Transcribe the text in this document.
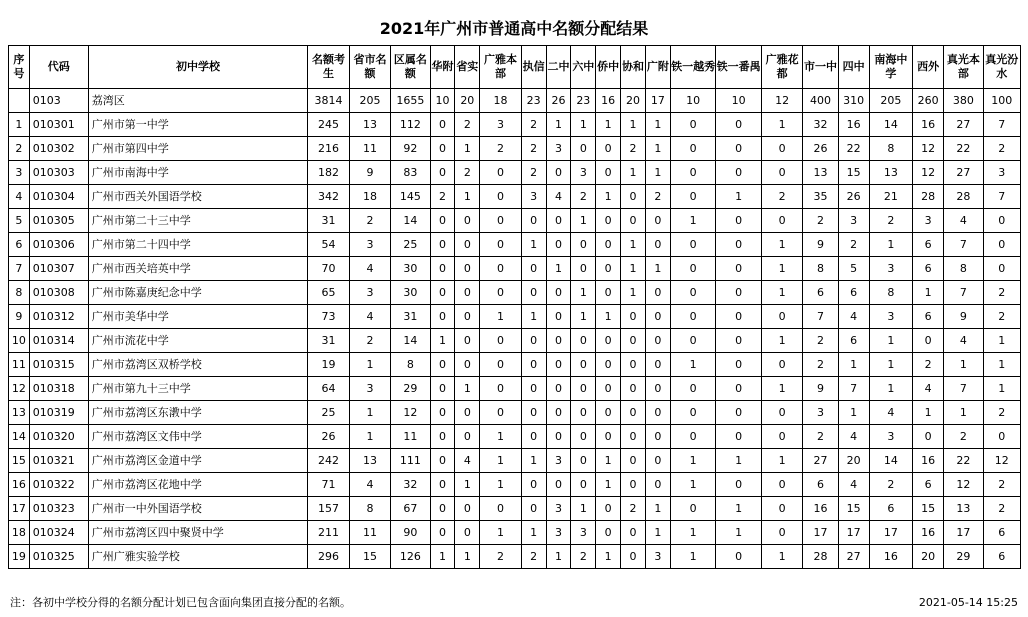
2021年广州市普通高中名额分配结果
序号	代码	初中学校	名额考生	省市名额	区属名额	华附	省实	广雅本部	执信	二中	六中	侨中	协和	广附	铁一越秀	铁一番禺	广雅花都	市一中	四中	南海中学	西外	真光本部	真光汾水
	0103	荔湾区	3814	205	1655	10	20	18	23	26	23	16	20	17	10	10	12	400	310	205	260	380	100
1	010301	广州市第一中学	245	13	112	0	2	3	2	1	1	1	1	1	0	0	1	32	16	14	16	27	7
2	010302	广州市第四中学	216	11	92	0	1	2	2	3	0	0	2	1	0	0	0	26	22	8	12	22	2
3	010303	广州市南海中学	182	9	83	0	2	0	2	0	3	0	1	1	0	0	0	13	15	13	12	27	3
4	010304	广州市西关外国语学校	342	18	145	2	1	0	3	4	2	1	0	2	0	1	2	35	26	21	28	28	7
5	010305	广州市第二十三中学	31	2	14	0	0	0	0	0	1	0	0	0	1	0	0	2	3	2	3	4	0
6	010306	广州市第二十四中学	54	3	25	0	0	0	1	0	0	0	1	0	0	0	1	9	2	1	6	7	0
7	010307	广州市西关培英中学	70	4	30	0	0	0	0	1	0	0	1	1	0	0	1	8	5	3	6	8	0
8	010308	广州市陈嘉庚纪念中学	65	3	30	0	0	0	0	0	1	0	1	0	0	0	1	6	6	8	1	7	2
9	010312	广州市美华中学	73	4	31	0	0	1	1	0	1	1	0	0	0	0	0	7	4	3	6	9	2
10	010314	广州市流花中学	31	2	14	1	0	0	0	0	0	0	0	0	0	0	1	2	6	1	0	4	1
11	010315	广州市荔湾区双桥学校	19	1	8	0	0	0	0	0	0	0	0	0	1	0	0	2	1	1	2	1	1
12	010318	广州市第九十三中学	64	3	29	0	1	0	0	0	0	0	0	0	0	0	1	9	7	1	4	7	1
13	010319	广州市荔湾区东漖中学	25	1	12	0	0	0	0	0	0	0	0	0	0	0	0	3	1	4	1	1	2
14	010320	广州市荔湾区文伟中学	26	1	11	0	0	1	0	0	0	0	0	0	0	0	0	2	4	3	0	2	0
15	010321	广州市荔湾区金道中学	242	13	111	0	4	1	1	3	0	1	0	0	1	1	1	27	20	14	16	22	12
16	010322	广州市荔湾区花地中学	71	4	32	0	1	1	0	0	0	1	0	0	1	0	0	6	4	2	6	12	2
17	010323	广州市一中外国语学校	157	8	67	0	0	0	0	3	1	0	2	1	0	1	0	16	15	6	15	13	2
18	010324	广州市荔湾区四中聚贤中学	211	11	90	0	0	1	1	3	3	0	0	1	1	1	0	17	17	17	16	17	6
19	010325	广州广雅实验学校	296	15	126	1	1	2	2	1	2	1	0	3	1	0	1	28	27	16	20	29	6
注：各初中学校分得的名额分配计划已包含面向集团直接分配的名额。	2021-05-14 15:25
